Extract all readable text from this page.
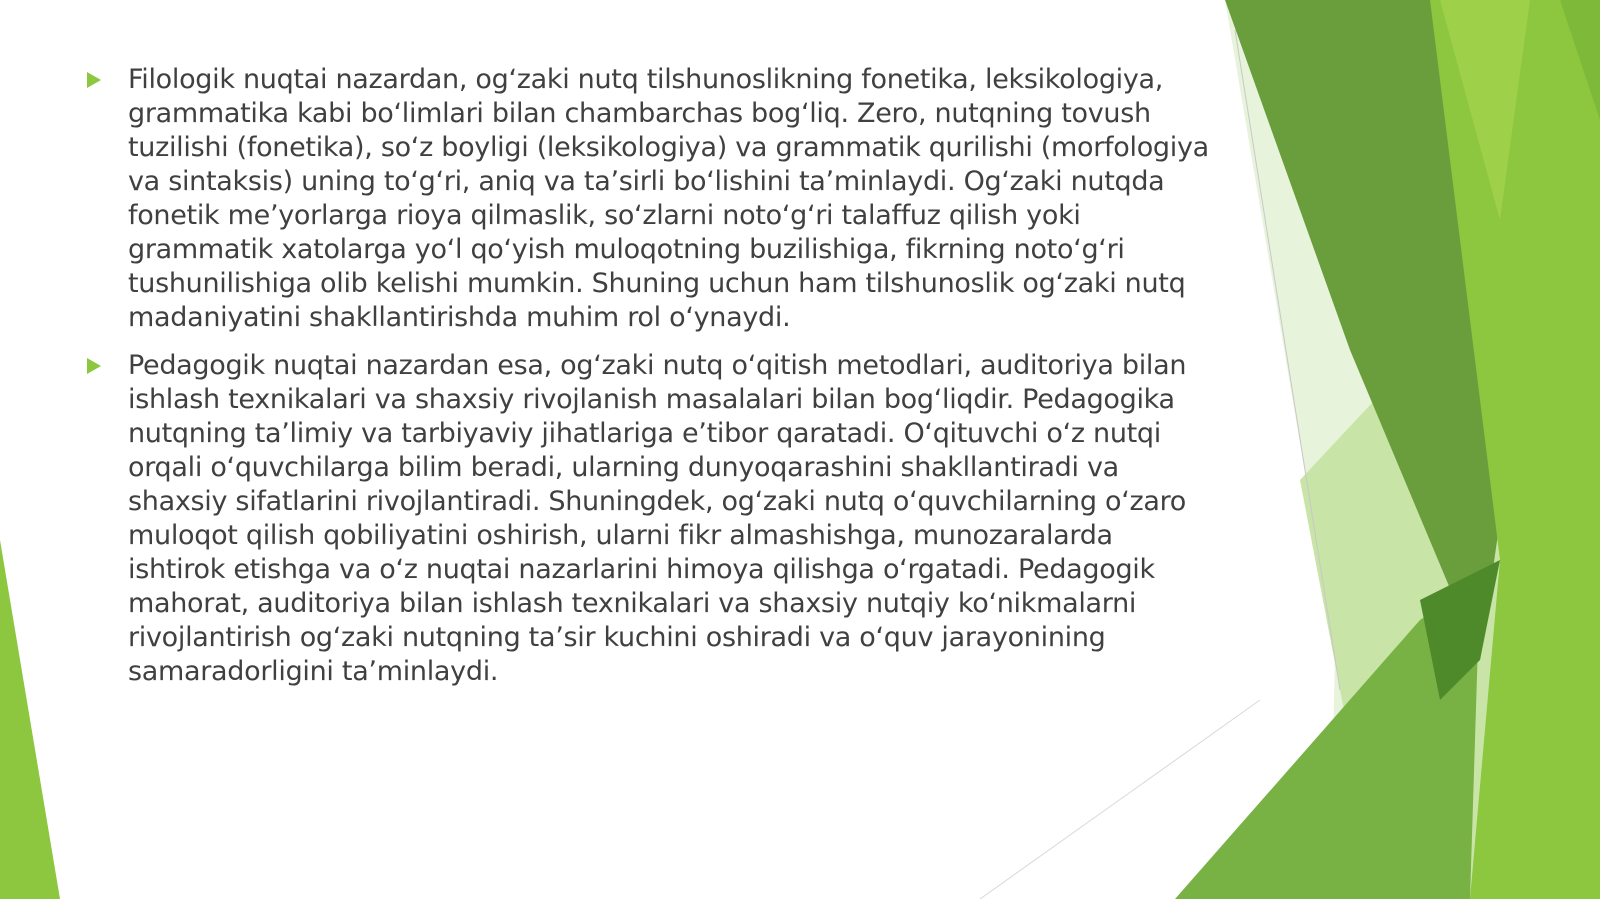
Filologik nuqtai nazardan, ogʻzaki nutq tilshunoslikning fonetika, leksikologiya, grammatika kabi boʻlimlari bilan chambarchas bogʻliq. Zero, nutqning tovush tuzilishi (fonetika), soʻz boyligi (leksikologiya) va grammatik qurilishi (morfologiya va sintaksis) uning toʻgʻri, aniq va taʼsirli boʻlishini taʼminlaydi. Ogʻzaki nutqda fonetik meʼyorlarga rioya qilmaslik, soʻzlarni notoʻgʻri talaffuz qilish yoki grammatik xatolarga yoʻl qoʻyish muloqotning buzilishiga, fikrning notoʻgʻri tushunilishiga olib kelishi mumkin. Shuning uchun ham tilshunoslik ogʻzaki nutq madaniyatini shakllantirishda muhim rol oʻynaydi.
Pedagogik nuqtai nazardan esa, ogʻzaki nutq oʻqitish metodlari, auditoriya bilan ishlash texnikalari va shaxsiy rivojlanish masalalari bilan bogʻliqdir. Pedagogika nutqning taʼlimiy va tarbiyaviy jihatlariga eʼtibor qaratadi. Oʻqituvchi oʻz nutqi orqali oʻquvchilarga bilim beradi, ularning dunyoqarashini shakllantiradi va shaxsiy sifatlarini rivojlantiradi. Shuningdek, ogʻzaki nutq oʻquvchilarning oʻzaro muloqot qilish qobiliyatini oshirish, ularni fikr almashishga, munozaralarda ishtirok etishga va oʻz nuqtai nazarlarini himoya qilishga oʻrgatadi. Pedagogik mahorat, auditoriya bilan ishlash texnikalari va shaxsiy nutqiy koʻnikmalarni rivojlantirish ogʻzaki nutqning taʼsir kuchini oshiradi va oʻquv jarayonining samaradorligini taʼminlaydi.
